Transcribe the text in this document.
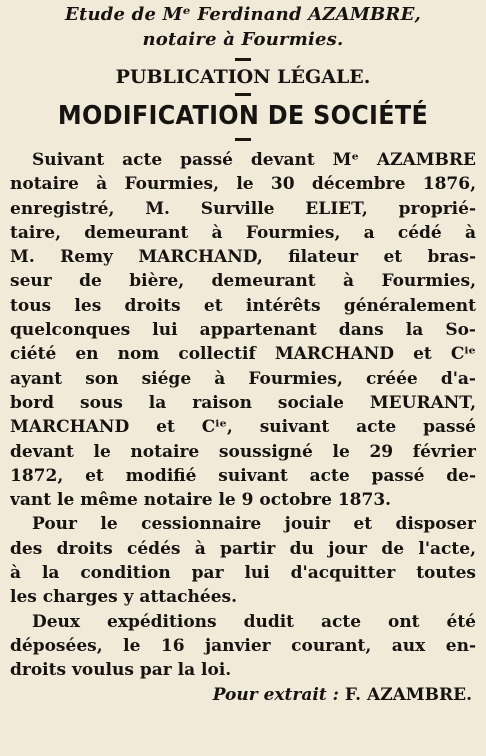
Etude de Mᵉ Ferdinand AZAMBRE,
notaire à Fourmies.
PUBLICATION LÉGALE.
MODIFICATION DE SOCIÉTÉ
Suivant acte passé devant Mᵉ AZAMBRE
notaire à Fourmies, le 30 décembre 1876,
enregistré, M. Surville ELIET, proprié-
taire, demeurant à Fourmies, a cédé à
M. Remy MARCHAND, filateur et bras-
seur de bière, demeurant à Fourmies,
tous les droits et intérêts généralement
quelconques lui appartenant dans la So-
ciété en nom collectif MARCHAND et Cⁱᵉ
ayant son siége à Fourmies, créée d'a-
bord sous la raison sociale MEURANT,
MARCHAND et Cⁱᵉ, suivant acte passé
devant le notaire soussigné le 29 février
1872, et modifié suivant acte passé de-
vant le même notaire le 9 octobre 1873.
Pour le cessionnaire jouir et disposer
des droits cédés à partir du jour de l'acte,
à la condition par lui d'acquitter toutes
les charges y attachées.
Deux expéditions dudit acte ont été
déposées, le 16 janvier courant, aux en-
droits voulus par la loi.
Pour extrait : F. AZAMBRE.
